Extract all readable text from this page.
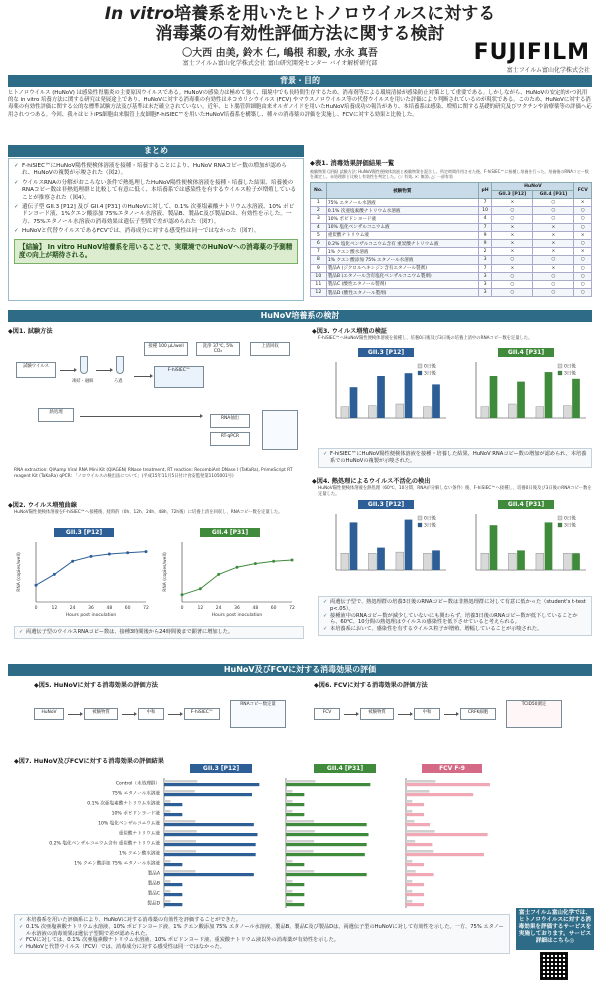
In vitro培養系を用いたヒトノロウイルスに対する
消毒薬の有効性評価方法に関する検討
〇大西 由美, 鈴木 仁, 嶋根 和毅, 水永 真吾
富士フイルム富山化学株式会社 富山研究開発センター バイオ解析研究部	FUJIFILM
富士フイルム富山化学株式会社
背景・目的
ヒトノロウイルス (HuNoV) は感染性胃腸炎の主要原因ウイルスである。HuNoVの感染力は極めて強く、環境中でも長時間生存するため、消毒剤等による環境清掃が感染防止対策として重要である。しかしながら、HuNoVの安定的かつ汎用的な in vitro 培養方法に関する研究は発展途上であり、HuNoVに対する消毒薬の有効性はネコカリシウイルス (FCV) やマウスノロウイルス等の代替ウイルスを用いた評価により判断されているのが現状である。このため、HuNoVに対する消毒薬の有効性評価に関する公的な標準試験方法及び基準は未だ確立されていない。近年、ヒト腸管幹細胞由来オルガノイドを用いたHuNoV培養成功の報告があり、本培養系は感染、増殖に関する基礎的研究及びワクチンや治療薬等の評価へ応用されつつある。今回、我々はヒトiPS細胞由来腸管上皮細胞F-hiSIEC™を用いたHuNoV培養系を構築し、種々の消毒薬の評価を実施し、FCVに対する効果と比較した。
まとめ
✓ F-hiSIEC™にHuNoV陽性便検体溶液を接種・培養することにより、HuNoV RNAコピー数の増加が認められ、HuNoVの複製が示唆された（図2）。
✓ ウイルスRNAの分解がおこらない条件で熱処理したHuNoV陽性便検体溶液を接種・培養した結果、培養後のRNAコピー数は非熱処理群と比較して有意に低く、本培養系では感染性を有するウイルス粒子が増殖していることが推察された（図4）。
✓ 遺伝子型 GII.3 [P12] 及び GII.4 [P31] のHuNoVに対して、0.1% 次亜塩素酸ナトリウム水溶液、10% ポビドンヨード液、1%クエン酸添加 75%エタノール水溶液、製品B、製品C及び製品Dは、有効性を示した。一方、75%エタノール水溶液の消毒効果は遺伝子型間で差が認められた（図7）。
✓ HuNoVと代替ウイルスであるFCVでは、消毒成分に対する感受性は同一ではなかった（図7）。
【結論】 In vitro HuNoV培養系を用いることで、実環境でのHuNoVへの消毒薬の予測精度の向上が期待される。
◆表1. 消毒効果評価結果一覧
被験物質 (評価) 試験方法: HuNoV陽性便検体溶液と被験物質を混合し、所定時間作用させた後、F-hiSIEC™に接種し培養を行った。培養後のRNAコピー数を測定し、未処理群と比較し有効性を判定した。○: 有効, ×: 無効, △: 一部有効
No.	被験物質	pH	HuNoV		FCV
			GII.3 [P12]	GII.4 [P31]	
1	75% エタノール水溶液	7	×	○	×
2	0.1% 次亜塩素酸ナトリウム水溶液	10	○	○	○
3	10% ポビドンヨード液	4	○	○	○
4	10% 塩化ベンザルコニウム液	7	×	×	○
5	重炭酸ナトリウム液	9	×	×	×
6	0.2% 塩化ベンザルコニウム含有 重炭酸ナトリウム液	9	×	×	○
7	1% クエン酸水溶液	2	×	×	×
8	1% クエン酸添加 75% エタノール水溶液	3	○	○	○
9	製品A (ジクロルヘキシジン含有エタノール製剤)	7	×	×	○
10	製品B (エタノール含有塩化ベンザルコニウム製剤)	3	○	○	○
11	製品C (酸性エタノール製剤)	3	○	○	○
12	製品D (酸性エタノール製剤)	3	○	○	○
HuNoV培養系の検討
◆図1. 試験方法
試験ウイルス
凍結・融解	ろ過
接種 100 µL/well	洗浄 37℃, 5% CO₂
上清回収
F-hiSIEC™
熱処理
RNA抽出
RT-qPCR
RNA extraction: QIAamp Viral RNA Mini Kit (QIAGEN) RNase treatment, RT reaction: RecombiAnt DNase I (TaKaRa), PrimeScript RT reagent Kit (TaKaRa) qPCR: 「ノロウイルスの検出法について」(平成15年11月5日付け食安監発第1105001号)
◆図2. ウイルス増殖曲線
HuNoV陽性便検体溶液をF-hiSIEC™へ接種後、経時的（0h、12h、24h、48h、72h後）に培養上清を回収し、RNAコピー数を定量した。
GII.3 [P12]
0	12	24	36	48	60	72
Hours post inoculation
RNA (copies/well)
GII.4 [P31]
0	12	24	36	48	60	72
Hours post inoculation
RNA (copies/well)
✓ 両遺伝子型のウイルスRNAコピー数は、接種3時間後から24時間後まで顕著に増加した。
◆図3. ウイルス増殖の検証
F-hiSIEC™へHuNoV陽性便検体溶液を接種し、培養0日後及び3日後の培養上清中のRNAコピー数を定量した。
GII.3 [P12]
0日後
3日後
GII.4 [P31]
0日後
3日後
✓ F-hiSIEC™にHuNoV陽性便検体溶液を接種・培養した結果、HuNoV RNAコピー数の増加が認められ、本培養系でのHuNoVの複製が示唆された。
◆図4. 熱処理によるウイルス不活化の検出
HuNoV陽性便検体溶液を熱処理（60℃、10分間、RNAが分解しない条件）後、F-hiSIEC™へ接種し、培養0日後及び3日後のRNAコピー数を定量した。
GII.3 [P12]
0日後
3日後
GII.4 [P31]
0日後
3日後
✓ 両遺伝子型で、熱処理群の培養3日後のRNAコピー数は非熱処理群に対して有意に低かった（student's t-test p<.05）。
✓ 接種液中のRNAコピー数が減少していないにも関わらず、培養3日後のRNAコピー数が低下していることから、60℃、10分間の熱処理はウイルスの感染性を低下させていると考えられる。
✓ 本培養系において、感染性を有するウイルス粒子が増殖、増幅していることが示唆された。
HuNoV及びFCVに対する消毒効果の評価
◆図5. HuNoVに対する消毒効果の評価方法
HuNoV	被験物質	中和	F-hiSIEC™
RNAコピー数定量
◆図6. FCVに対する消毒効果の評価方法
FCV	被験物質	中和	CRFK細胞
TCID50測定
◆図7. HuNoV及びFCVに対する消毒効果の評価結果
GII.3 [P12]	GII.4 [P31]	FCV F-9
Control（未処理群）
75% エタノール水溶液
0.1% 次亜塩素酸ナトリウム水溶液
10% ポビドンヨード液
10% 塩化ベンザルコニウム液
重炭酸ナトリウム液
0.2% 塩化ベンザルコニウム含有 重炭酸ナトリウム液
1% クエン酸水溶液
1% クエン酸添加 75% エタノール水溶液
製品A
製品B
製品C
製品D
✓ 本培養系を用いた評価系により、HuNoVに対する消毒薬の有効性を評価することができた。
✓ 0.1% 次亜塩素酸ナトリウム水溶液、10% ポビドンヨード液、1% クエン酸添加 75% エタノール水溶液、製品B、製品C及び製品Dは、両遺伝子型のHuNoVに対して有効性を示した。一方、75% エタノール水溶液の消毒効果は遺伝子型間で差が認められた。
✓ FCVに対しては、0.1% 次亜塩素酸ナトリウム水溶液、10% ポビドンヨード液、重炭酸ナトリウム液以外の消毒薬が有効性を示した。
✓ HuNoVと代替ウイルス（FCV）では、消毒成分に対する感受性は同一ではなかった。
富士フイルム富山化学では、ヒトノロウイルスに対する消毒効果を評価するサービスを実施しております。サービス詳細はこちら◎
